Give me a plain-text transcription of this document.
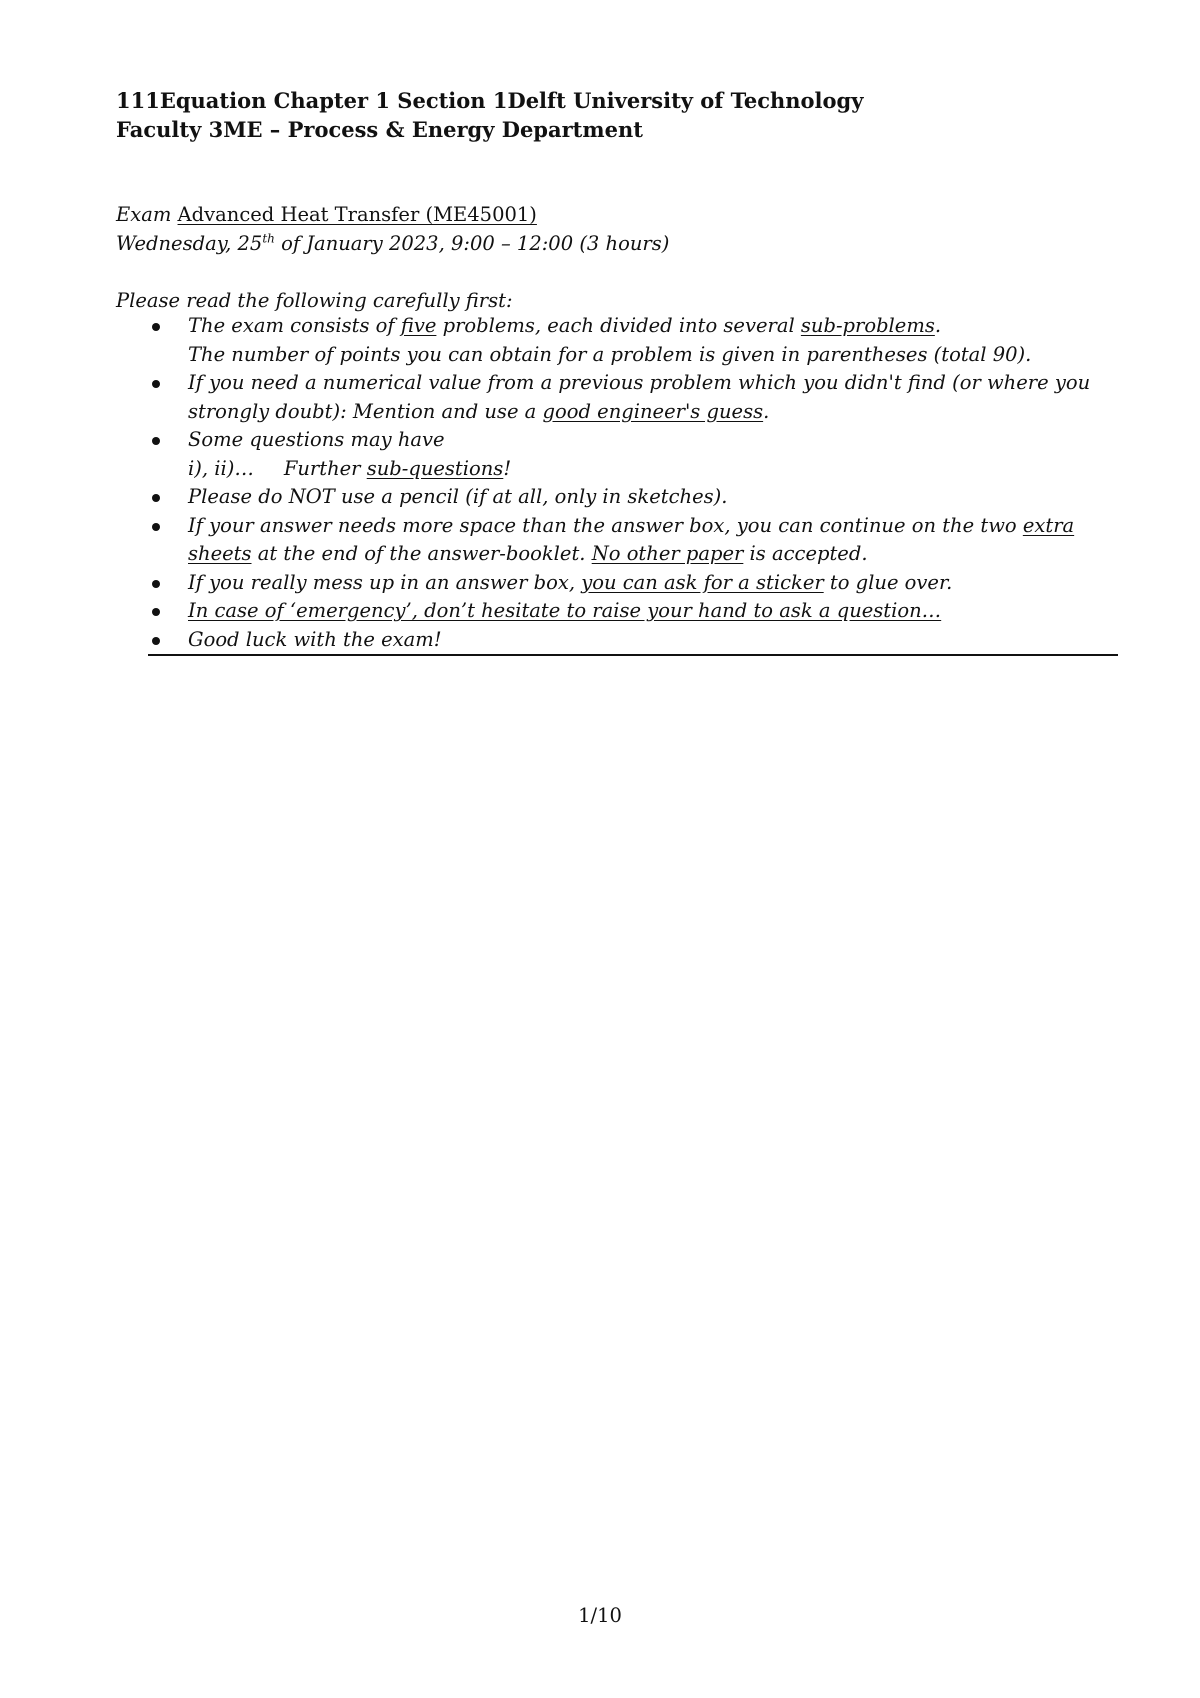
111Equation Chapter 1 Section 1Delft University of Technology
Faculty 3ME – Process & Energy Department
Exam Advanced Heat Transfer (ME45001)
Wednesday, 25th of January 2023, 9:00 – 12:00 (3 hours)
Please read the following carefully first:
The exam consists of five problems, each divided into several sub-problems.
The number of points you can obtain for a problem is given in parentheses (total 90).
If you need a numerical value from a previous problem which you didn't find (or where you strongly doubt): Mention and use a good engineer's guess.
Some questions may have
i), ii)… Further sub-questions!
Please do NOT use a pencil (if at all, only in sketches).
If your answer needs more space than the answer box, you can continue on the two extra sheets at the end of the answer-booklet. No other paper is accepted.
If you really mess up in an answer box, you can ask for a sticker to glue over.
In case of ‘emergency’, don’t hesitate to raise your hand to ask a question…
Good luck with the exam!
1/10
